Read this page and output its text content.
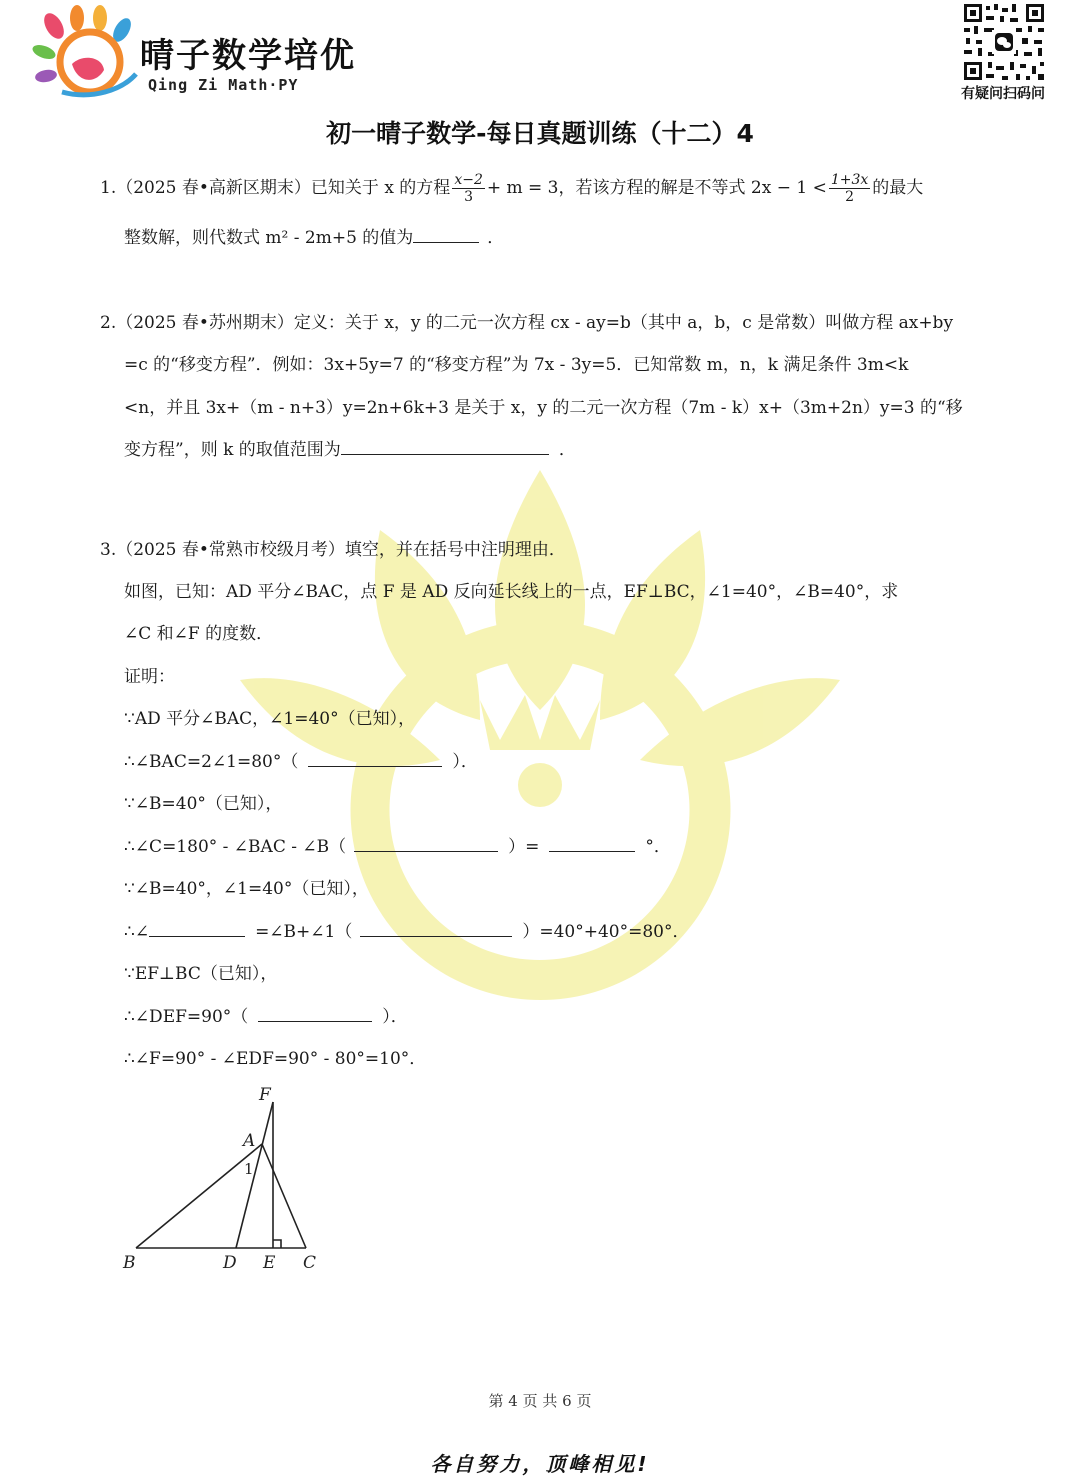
晴子数学培优
Qing Zi Math·PY	有疑问扫码问
初一晴子数学-每日真题训练（十二）4
1.（2025 春•高新区期末）已知关于 x 的方程 $\frac{x-2}{3} + m = 3$，若该方程的解是不等式 $2x - 1 < \frac{1+3x}{2}$ 的最大
整数解，则代数式 m² - 2m+5 的值为	．
2.（2025 春•苏州期末）定义：关于 x，y 的二元一次方程 cx - ay=b（其中 a，b，c 是常数）叫做方程 ax+by
=c 的“移变方程”．例如：3x+5y=7 的“移变方程”为 7x - 3y=5．已知常数 m，n，k 满足条件 3m<k
<n，并且 3x+（m - n+3）y=2n+6k+3 是关于 x，y 的二元一次方程（7m - k）x+（3m+2n）y=3 的“移
变方程”，则 k 的取值范围为	．
3.（2025 春•常熟市校级月考）填空，并在括号中注明理由．
如图，已知：AD 平分∠BAC，点 F 是 AD 反向延长线上的一点，EF⊥BC，∠1=40°，∠B=40°，求
∠C 和∠F 的度数．
证明：
∵AD 平分∠BAC，∠1=40°（已知），
∴∠BAC=2∠1=80°（	）．
∵∠B=40°（已知），
∴∠C=180° - ∠BAC - ∠B（	）=	°．
∵∠B=40°，∠1=40°（已知），
∴∠	=∠B+∠1（	）=40°+40°=80°．
∵EF⊥BC（已知），
∴∠DEF=90°（	）．
∴∠F=90° - ∠EDF=90° - 80°=10°．
F
A
B	D E C
1
第 4 页 共 6 页
各自努力，顶峰相见!
